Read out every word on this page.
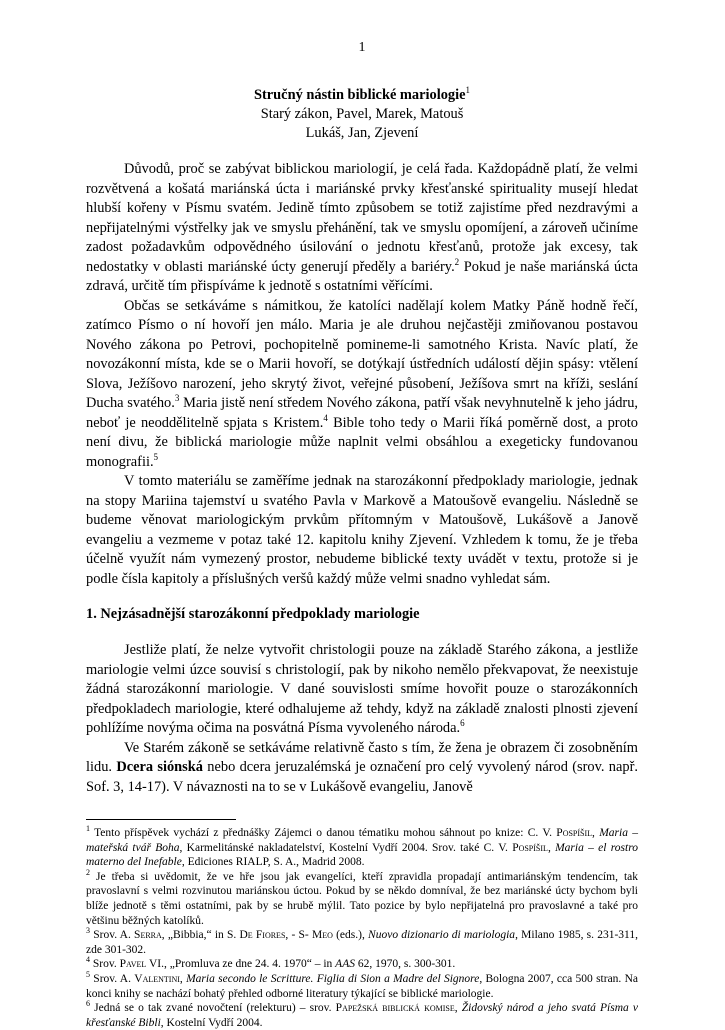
1
Stručný nástin biblické mariologie$^1$
Starý zákon, Pavel, Marek, Matouš
Lukáš, Jan, Zjevení

Důvodů, proč se zabývat biblickou mariologií, je celá řada. Každopádně platí, že velmi rozvětvená a košatá mariánská úcta i mariánské prvky křesťanské spirituality musejí hledat hlubší kořeny v Písmu svatém. Jedině tímto způsobem se totiž zajistíme před nezdravými a nepřijatelnými výstřelky jak ve smyslu přehánění, tak ve smyslu opomíjení, a zároveň učiníme zadost požadavkům odpovědného úsilování o jednotu křesťanů, protože jak excesy, tak nedostatky v oblasti mariánské úcty generují předěly a bariéry.$^2$ Pokud je naše mariánská úcta zdravá, určitě tím přispíváme k jednotě s ostatními věřícími.

Občas se setkáváme s námitkou, že katolíci nadělají kolem Matky Páně hodně řečí, zatímco Písmo o ní hovoří jen málo. Maria je ale druhou nejčastěji zmiňovanou postavou Nového zákona po Petrovi, pochopitelně pomineme-li samotného Krista. Navíc platí, že novozákonní místa, kde se o Marii hovoří, se dotýkají ústředních událostí dějin spásy: vtělení Slova, Ježíšovo narození, jeho skrytý život, veřejné působení, Ježíšova smrt na kříži, seslání Ducha svatého.$^3$ Maria jistě není středem Nového zákona, patří však nevyhnutelně k jeho jádru, neboť je neoddělitelně spjata s Kristem.$^4$ Bible toho tedy o Marii říká poměrně dost, a proto není divu, že biblická mariologie může naplnit velmi obsáhlou a exegeticky fundovanou monografii.$^5$

V tomto materiálu se zaměříme jednak na starozákonní předpoklady mariologie, jednak na stopy Mariina tajemství u svatého Pavla v Markově a Matoušově evangeliu. Následně se budeme věnovat mariologickým prvkům přítomným v Matoušově, Lukášově a Janově evangeliu a vezmeme v potaz také 12. kapitolu knihy Zjevení. Vzhledem k tomu, že je třeba účelně využít nám vymezený prostor, nebudeme biblické texty uvádět v textu, protože si je podle čísla kapitoly a příslušných veršů každý může velmi snadno vyhledat sám.

1. Nejzásadnější starozákonní předpoklady mariologie

Jestliže platí, že nelze vytvořit christologii pouze na základě Starého zákona, a jestliže mariologie velmi úzce souvisí s christologií, pak by nikoho nemělo překvapovat, že neexistuje žádná starozákonní mariologie. V dané souvislosti smíme hovořit pouze o starozákonních předpokladech mariologie, které odhalujeme až tehdy, když na základě znalosti plnosti zjevení pohlížíme novýma očima na posvátná Písma vyvoleného národa.$^6$

Ve Starém zákoně se setkáváme relativně často s tím, že žena je obrazem či zosobněním lidu. Dcera siónská nebo dcera jeruzalémská je označení pro celý vyvolený národ (srov. např. Sof. 3, 14-17). V návaznosti na to se v Lukášově evangeliu, Janově

$^1$ Tento příspěvek vychází z přednášky Zájemci o danou tématiku mohou sáhnout po knize: C. V. Pospíšil, Maria – mateřská tvář Boha, Karmelitánské nakladatelství, Kostelní Vydří 2004. Srov. také C. V. Pospíšil, Maria – el rostro materno del Inefable, Ediciones RIALP, S. A., Madrid 2008.

$^2$ Je třeba si uvědomit, že ve hře jsou jak evangelíci, kteří zpravidla propadají antimariánským tendencím, tak pravoslavní s velmi rozvinutou mariánskou úctou. Pokud by se někdo domníval, že bez mariánské úcty bychom byli blíže jednotě s těmi ostatními, pak by se hrubě mýlil. Tato pozice by bylo nepřijatelná pro pravoslavné a také pro většinu běžných katolíků.

$^3$ Srov. A. Serra, „Bibbia,“ in S. De Fiores, - S- Meo (eds.), Nuovo dizionario di mariologia, Milano 1985, s. 231-311, zde 301-302.

$^4$ Srov. Pavel VI., „Promluva ze dne 24. 4. 1970“ – in AAS 62, 1970, s. 300-301.

$^5$ Srov. A. Valentini, Maria secondo le Scritture. Figlia di Sion a Madre del Signore, Bologna 2007, cca 500 stran. Na konci knihy se nachází bohatý přehled odborné literatury týkající se biblické mariologie.

$^6$ Jedná se o tak zvané novočtení (relekturu) – srov. Papežská biblická komise, Židovský národ a jeho svatá Písma v křesťanské Bibli, Kostelní Vydří 2004.
